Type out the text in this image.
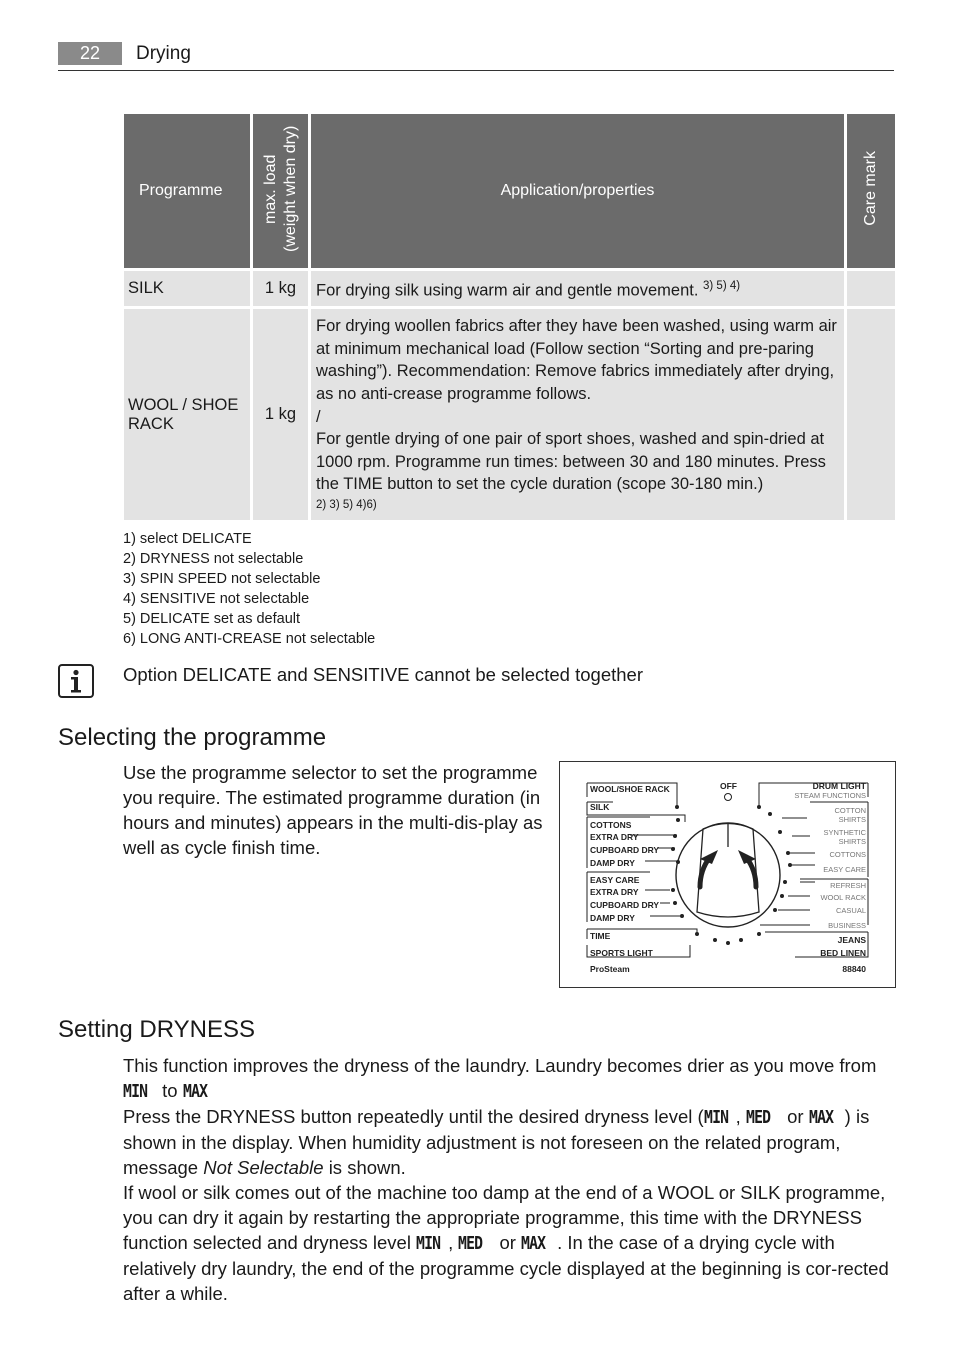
22	Drying
Programme	max. load (weight when dry)	Application/properties	Care mark
SILK	1 kg	For drying silk using warm air and gentle movement. $^{3) 5) 4)}$	
WOOL / SHOE RACK	1 kg	For drying woollen fabrics after they have been washed, using warm air at minimum mechanical load (Follow section “Sorting and pre-paring washing”). Recommendation: Remove fabrics immediately after drying, as no anti-crease programme follows.
/
For gentle drying of one pair of sport shoes, washed and spin-dried at 1000 rpm. Programme run times: between 30 and 180 minutes. Press the TIME button to set the cycle duration (scope 30-180 min.)
2) 3) 5) 4)6)	

1) select DELICATE
2) DRYNESS not selectable
3) SPIN SPEED not selectable
4) SENSITIVE not selectable
5) DELICATE set as default
6) LONG ANTI-CREASE not selectable
Option DELICATE and SENSITIVE cannot be selected together
Selecting the programme
Use the programme selector to set the programme you require. The estimated programme duration (in hours and minutes) appears in the multi-dis-play as well as cycle finish time.
WOOL/SHOE RACK
SILK
COTTONS
EXTRA DRY
CUPBOARD DRY
DAMP DRY
EASY CARE
EXTRA DRY
CUPBOARD DRY
DAMP DRY
TIME
SPORTS LIGHT
OFF	DRUM LIGHT
BED LINEN
JEANS
ProSteam	88840
STEAM FUNCTIONS
COTTON
SHIRTS
SYNTHETIC
SHIRTS
COTTONS
EASY CARE
REFRESH
WOOL RACK
CASUAL
BUSINESS
Setting DRYNESS

This function improves the dryness of the laundry. Laundry becomes drier as you move from MIN to MAX

Press the DRYNESS button repeatedly until the desired dryness level (MIN , MED or MAX ) is shown in the display. When humidity adjustment is not foreseen on the related program, message Not Selectable is shown.

If wool or silk comes out of the machine too damp at the end of a WOOL or SILK programme, you can dry it again by restarting the appropriate programme, this time with the DRYNESS function selected and dryness level MIN , MED or MAX . In the case of a drying cycle with relatively dry laundry, the end of the programme cycle displayed at the beginning is cor-rected after a while.
